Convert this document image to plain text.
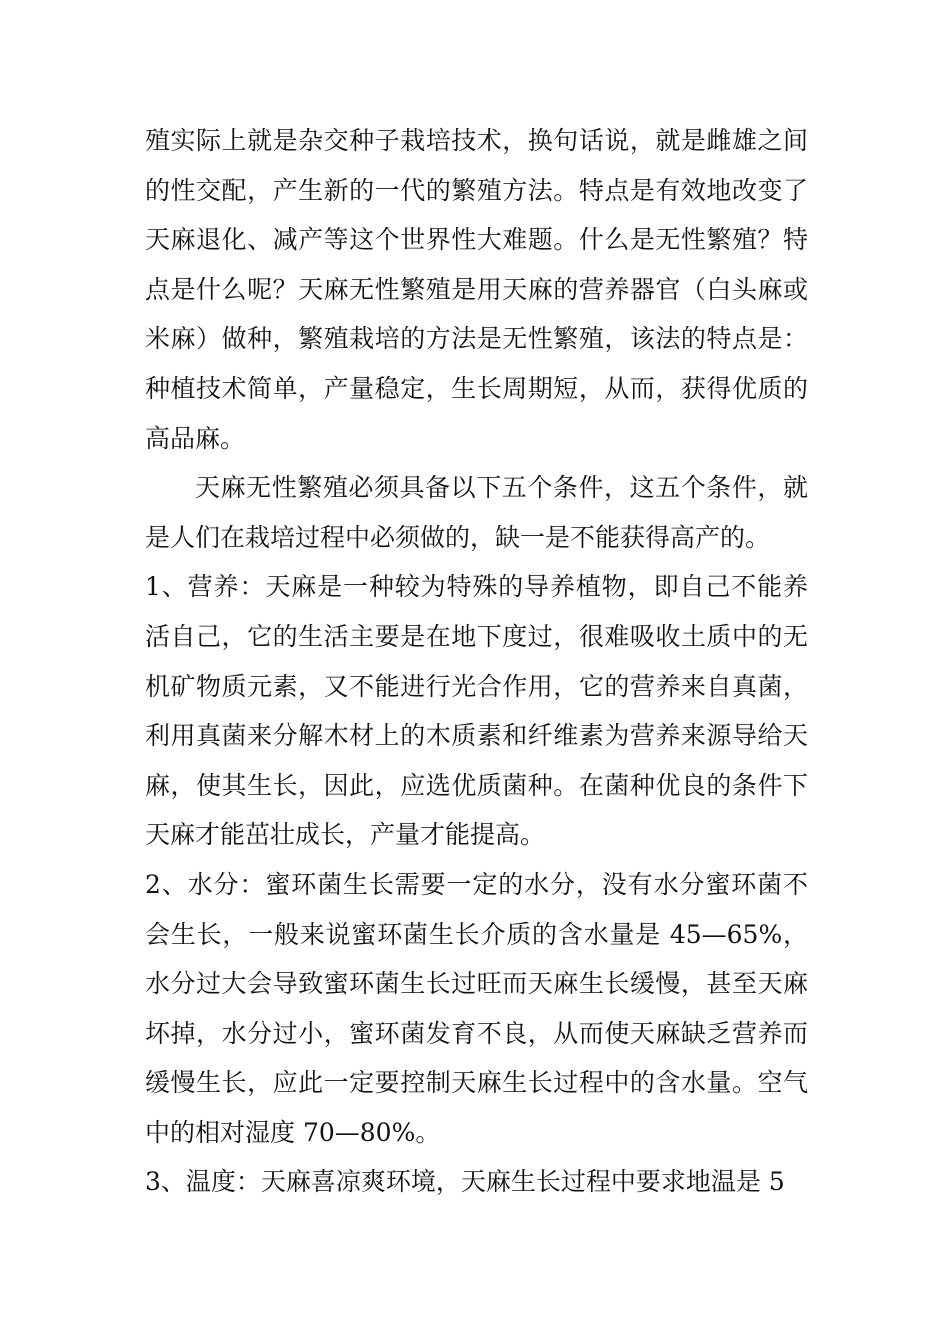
殖实际上就是杂交种子栽培技术，换句话说，就是雌雄之间的性交配，产生新的一代的繁殖方法。特点是有效地改变了天麻退化、减产等这个世界性大难题。什么是无性繁殖？特点是什么呢？天麻无性繁殖是用天麻的营养器官（白头麻或米麻）做种，繁殖栽培的方法是无性繁殖，该法的特点是：种植技术简单，产量稳定，生长周期短，从而，获得优质的高品麻。

天麻无性繁殖必须具备以下五个条件，这五个条件，就是人们在栽培过程中必须做的，缺一是不能获得高产的。

1、营养：天麻是一种较为特殊的导养植物，即自己不能养活自己，它的生活主要是在地下度过，很难吸收土质中的无机矿物质元素，又不能进行光合作用，它的营养来自真菌，利用真菌来分解木材上的木质素和纤维素为营养来源导给天麻，使其生长，因此，应选优质菌种。在菌种优良的条件下天麻才能茁壮成长，产量才能提高。

2、水分：蜜环菌生长需要一定的水分，没有水分蜜环菌不会生长，一般来说蜜环菌生长介质的含水量是 45—65%，水分过大会导致蜜环菌生长过旺而天麻生长缓慢，甚至天麻坏掉，水分过小，蜜环菌发育不良，从而使天麻缺乏营养而缓慢生长，应此一定要控制天麻生长过程中的含水量。空气中的相对湿度 70—80%。

3、温度：天麻喜凉爽环境，天麻生长过程中要求地温是 5
